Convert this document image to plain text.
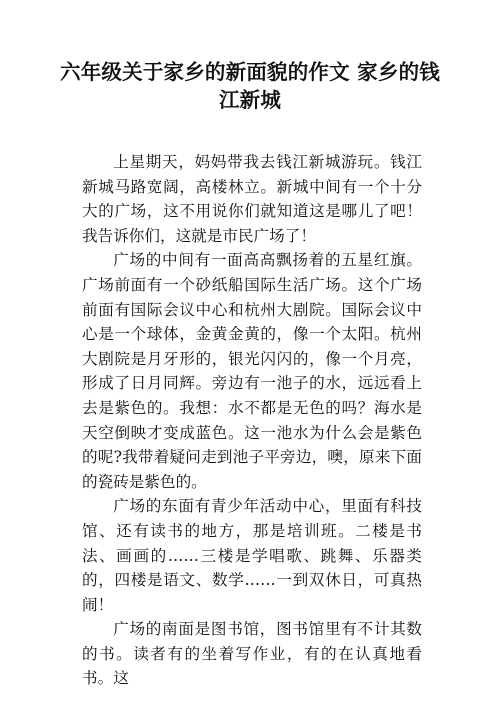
六年级关于家乡的新面貌的作文 家乡的钱江新城

上星期天，妈妈带我去钱江新城游玩。钱江新城马路宽阔，高楼林立。新城中间有一个十分大的广场，这不用说你们就知道这是哪儿了吧！我告诉你们，这就是市民广场了！

广场的中间有一面高高飘扬着的五星红旗。广场前面有一个砂纸船国际生活广场。这个广场前面有国际会议中心和杭州大剧院。国际会议中心是一个球体，金黄金黄的，像一个太阳。杭州大剧院是月牙形的，银光闪闪的，像一个月亮，形成了日月同辉。旁边有一池子的水，远远看上去是紫色的。我想：水不都是无色的吗？海水是天空倒映才变成蓝色。这一池水为什么会是紫色的呢?我带着疑问走到池子平旁边，噢，原来下面的瓷砖是紫色的。

广场的东面有青少年活动中心，里面有科技馆、还有读书的地方，那是培训班。二楼是书法、画画的……三楼是学唱歌、跳舞、乐器类的，四楼是语文、数学……一到双休日，可真热闹！

广场的南面是图书馆，图书馆里有不计其数的书。读者有的坐着写作业，有的在认真地看书。这
